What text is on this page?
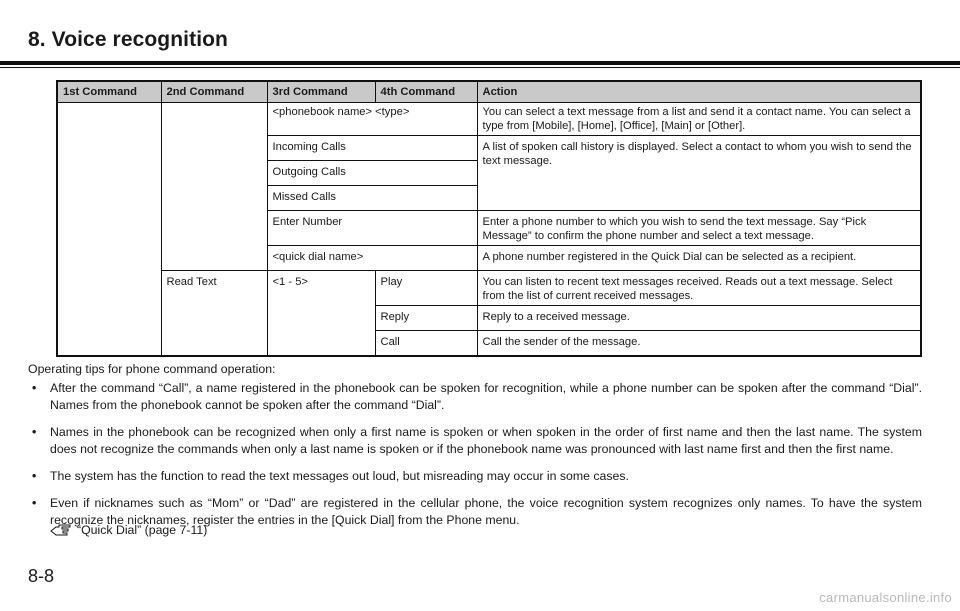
8. Voice recognition
1st Command	2nd Command	3rd Command	4th Command	Action
		<phonebook name> <type>		You can select a text message from a list and send it a contact name. You can select a type from [Mobile], [Home], [Office], [Main] or [Other].
		Incoming Calls		A list of spoken call history is displayed. Select a contact to whom you wish to send the text message.
		Outgoing Calls		
		Missed Calls		
		Enter Number		Enter a phone number to which you wish to send the text message. Say “Pick Message” to confirm the phone number and select a text message.
		<quick dial name>		A phone number registered in the Quick Dial can be selected as a recipient.
	Read Text	<1 - 5>	Play	You can listen to recent text messages received. Reads out a text message. Select from the list of current received messages.
			Reply	Reply to a received message.
			Call	Call the sender of the message.
Operating tips for phone command operation:
• After the command “Call”, a name registered in the phonebook can be spoken for recognition, while a phone number can be spoken after the command “Dial”. Names from the phonebook cannot be spoken after the command “Dial”.
• Names in the phonebook can be recognized when only a first name is spoken or when spoken in the order of first name and then the last name. The system does not recognize the commands when only a last name is spoken or if the phonebook name was pronounced with last name first and then the first name.
• The system has the function to read the text messages out loud, but misreading may occur in some cases.
• Even if nicknames such as “Mom” or “Dad” are registered in the cellular phone, the voice recognition system recognizes only names. To have the system recognize the nicknames, register the entries in the [Quick Dial] from the Phone menu.
“Quick Dial” (page 7-11)
8-8
carmanualsonline.info
